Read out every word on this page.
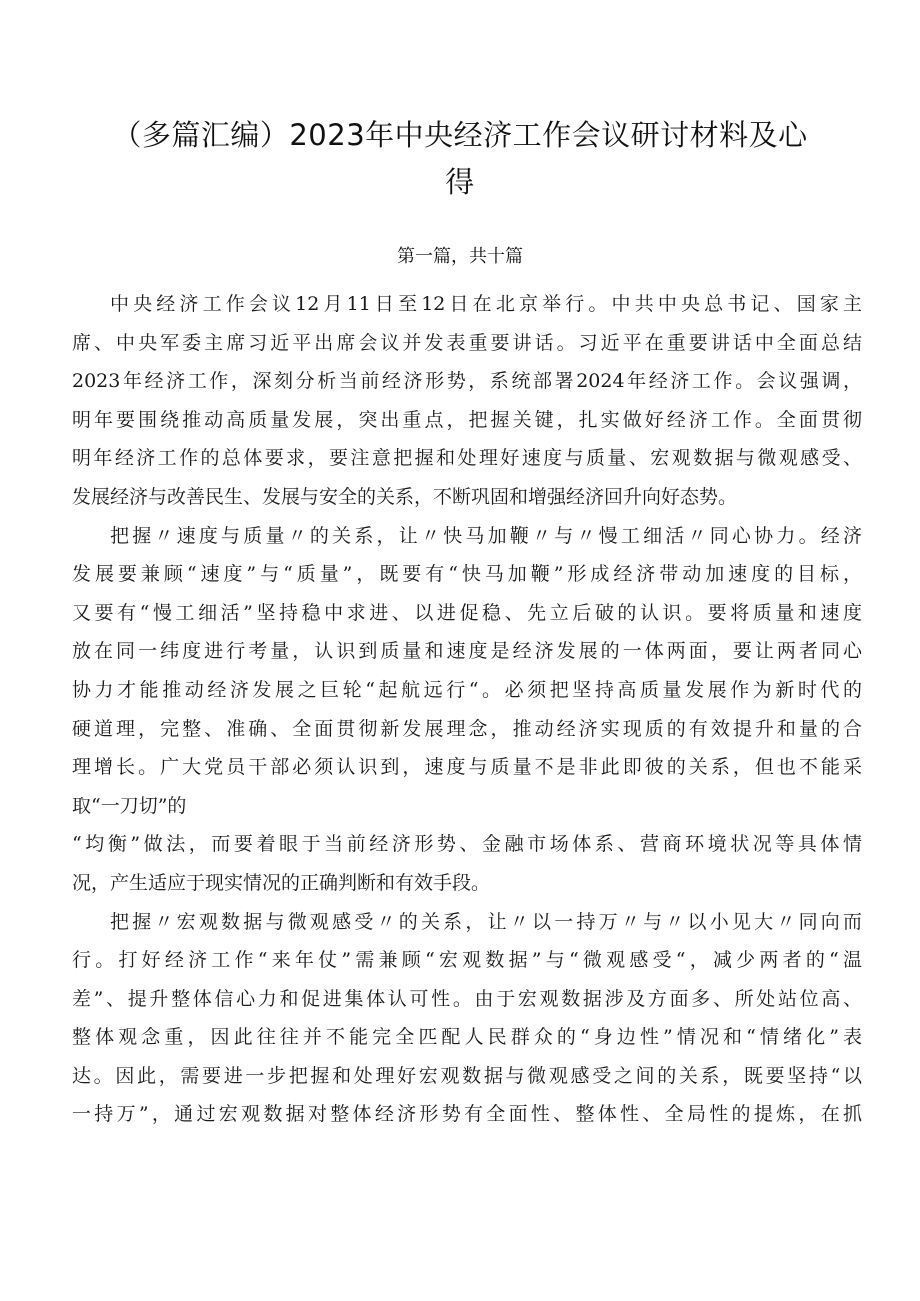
（多篇汇编）2023年中央经济工作会议研讨材料及心
得
第一篇，共十篇
中央经济工作会议12月11日至12日在北京举行。中共中央总书记、国家主
席、中央军委主席习近平出席会议并发表重要讲话。习近平在重要讲话中全面总结
2023年经济工作，深刻分析当前经济形势，系统部署2024年经济工作。会议强调，
明年要围绕推动高质量发展，突出重点，把握关键，扎实做好经济工作。全面贯彻
明年经济工作的总体要求，要注意把握和处理好速度与质量、宏观数据与微观感受、
发展经济与改善民生、发展与安全的关系，不断巩固和增强经济回升向好态势。
把握〃速度与质量〃的关系，让〃快马加鞭〃与〃慢工细活〃同心协力。经济
发展要兼顾“速度”与“质量”，既要有“快马加鞭”形成经济带动加速度的目标，
又要有“慢工细活”坚持稳中求进、以进促稳、先立后破的认识。要将质量和速度
放在同一纬度进行考量，认识到质量和速度是经济发展的一体两面，要让两者同心
协力才能推动经济发展之巨轮“起航远行“。必须把坚持高质量发展作为新时代的
硬道理，完整、准确、全面贯彻新发展理念，推动经济实现质的有效提升和量的合
理增长。广大党员干部必须认识到，速度与质量不是非此即彼的关系，但也不能采
取“一刀切”的
“均衡”做法，而要着眼于当前经济形势、金融市场体系、营商环境状况等具体情
况，产生适应于现实情况的正确判断和有效手段。
把握〃宏观数据与微观感受〃的关系，让〃以一持万〃与〃以小见大〃同向而
行。打好经济工作“来年仗”需兼顾“宏观数据”与“微观感受“，减少两者的“温
差”、提升整体信心力和促进集体认可性。由于宏观数据涉及方面多、所处站位高、
整体观念重，因此往往并不能完全匹配人民群众的“身边性”情况和“情绪化”表
达。因此，需要进一步把握和处理好宏观数据与微观感受之间的关系，既要坚持“以
一持万”，通过宏观数据对整体经济形势有全面性、整体性、全局性的提炼，在抓
